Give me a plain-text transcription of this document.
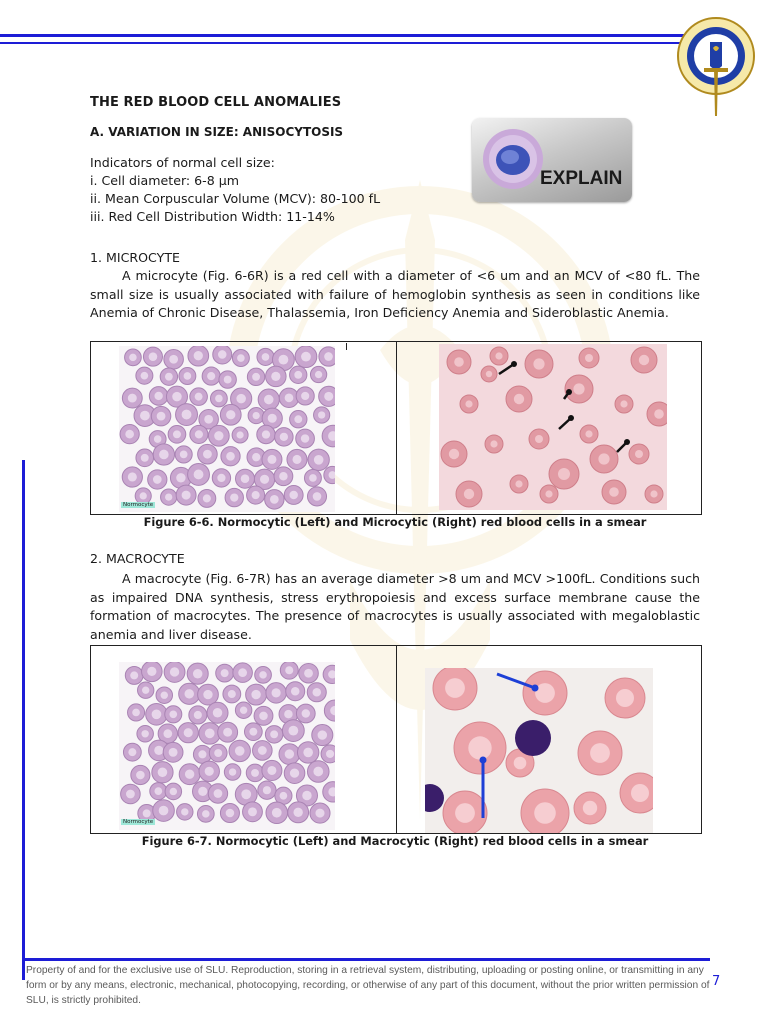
THE RED BLOOD CELL ANOMALIES
A. VARIATION IN SIZE: ANISOCYTOSIS
Indicators of normal cell size:
i. Cell diameter: 6-8 μm
ii. Mean Corpuscular Volume (MCV): 80-100 fL
iii. Red Cell Distribution Width: 11-14%
EXPLAIN
1. MICROCYTE
A microcyte (Fig. 6-6R) is a red cell with a diameter of <6 um and an MCV of <80 fL. The small size is usually associated with failure of hemoglobin synthesis as seen in conditions like Anemia of Chronic Disease, Thalassemia, Iron Deficiency Anemia and Sideroblastic Anemia.
Normocyte
I
Figure 6-6. Normocytic (Left) and Microcytic (Right) red blood cells in a smear
2. MACROCYTE
A macrocyte (Fig. 6-7R) has an average diameter >8 um and MCV >100fL. Conditions such as impaired DNA synthesis, stress erythropoiesis and excess surface membrane cause the formation of macrocytes. The presence of macrocytes is usually associated with megaloblastic anemia and liver disease.
Normocyte
Figure 6-7. Normocytic (Left) and Macrocytic (Right) red blood cells in a smear
Property of and for the exclusive use of SLU. Reproduction, storing in a retrieval system, distributing, uploading or posting online, or transmitting in any form or by any means, electronic, mechanical, photocopying, recording, or otherwise of any part of this document, without the prior written permission of SLU, is strictly prohibited.
7
